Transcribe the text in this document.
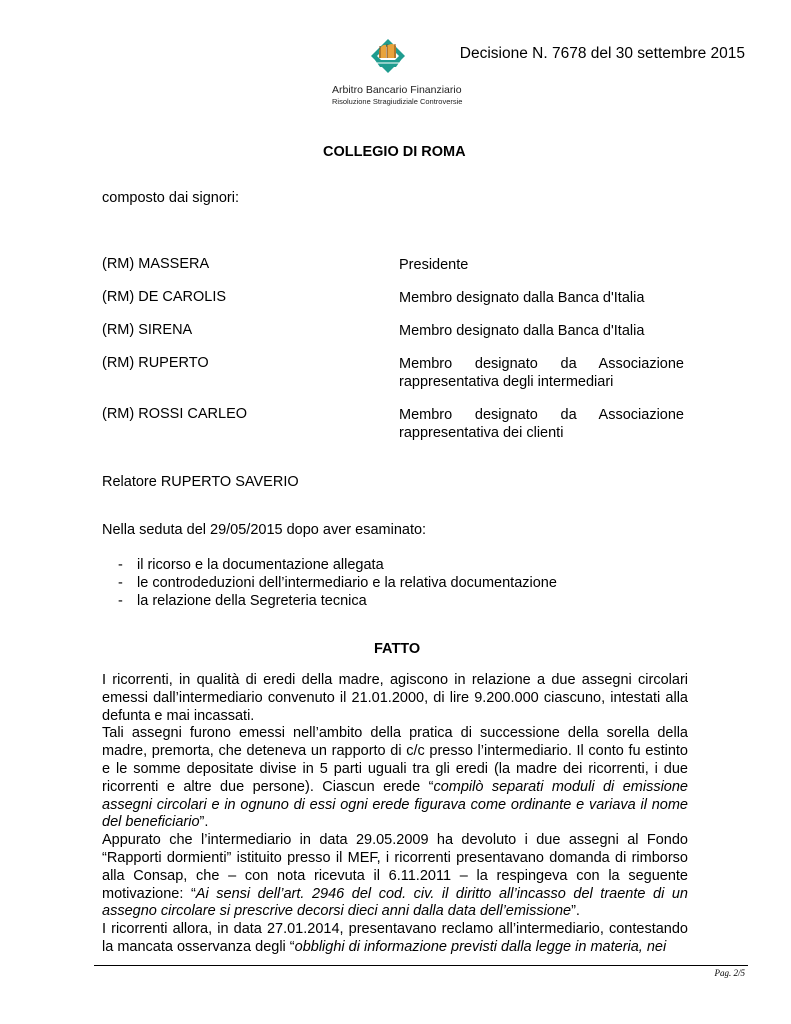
Arbitro Bancario Finanziario
Risoluzione Stragiudiziale Controversie
Decisione N. 7678 del 30 settembre 2015
COLLEGIO DI ROMA
composto dai signori:
(RM) MASSERA	Presidente
(RM) DE CAROLIS	Membro designato dalla Banca d'Italia
(RM) SIRENA	Membro designato dalla Banca d'Italia
(RM) RUPERTO	Membro designato da Associazione
rappresentativa degli intermediari
(RM) ROSSI CARLEO	Membro designato da Associazione
rappresentativa dei clienti
Relatore RUPERTO SAVERIO
Nella seduta del 29/05/2015 dopo aver esaminato:
- il ricorso e la documentazione allegata
- le controdeduzioni dell’intermediario e la relativa documentazione
- la relazione della Segreteria tecnica
FATTO

I ricorrenti, in qualità di eredi della madre, agiscono in relazione a due assegni circolari emessi dall’intermediario convenuto il 21.01.2000, di lire 9.200.000 ciascuno, intestati alla defunta e mai incassati.

Tali assegni furono emessi nell’ambito della pratica di successione della sorella della madre, premorta, che deteneva un rapporto di c/c presso l’intermediario. Il conto fu estinto e le somme depositate divise in 5 parti uguali tra gli eredi (la madre dei ricorrenti, i due ricorrenti e altre due persone). Ciascun erede “compilò separati moduli di emissione assegni circolari e in ognuno di essi ogni erede figurava come ordinante e variava il nome del beneficiario”.

Appurato che l’intermediario in data 29.05.2009 ha devoluto i due assegni al Fondo “Rapporti dormienti” istituito presso il MEF, i ricorrenti presentavano domanda di rimborso alla Consap, che – con nota ricevuta il 6.11.2011 – la respingeva con la seguente motivazione: “Ai sensi dell’art. 2946 del cod. civ. il diritto all’incasso del traente di un assegno circolare si prescrive decorsi dieci anni dalla data dell’emissione”.

I ricorrenti allora, in data 27.01.2014, presentavano reclamo all’intermediario, contestando la mancata osservanza degli “obblighi di informazione previsti dalla legge in materia, nei

Pag. 2/5
